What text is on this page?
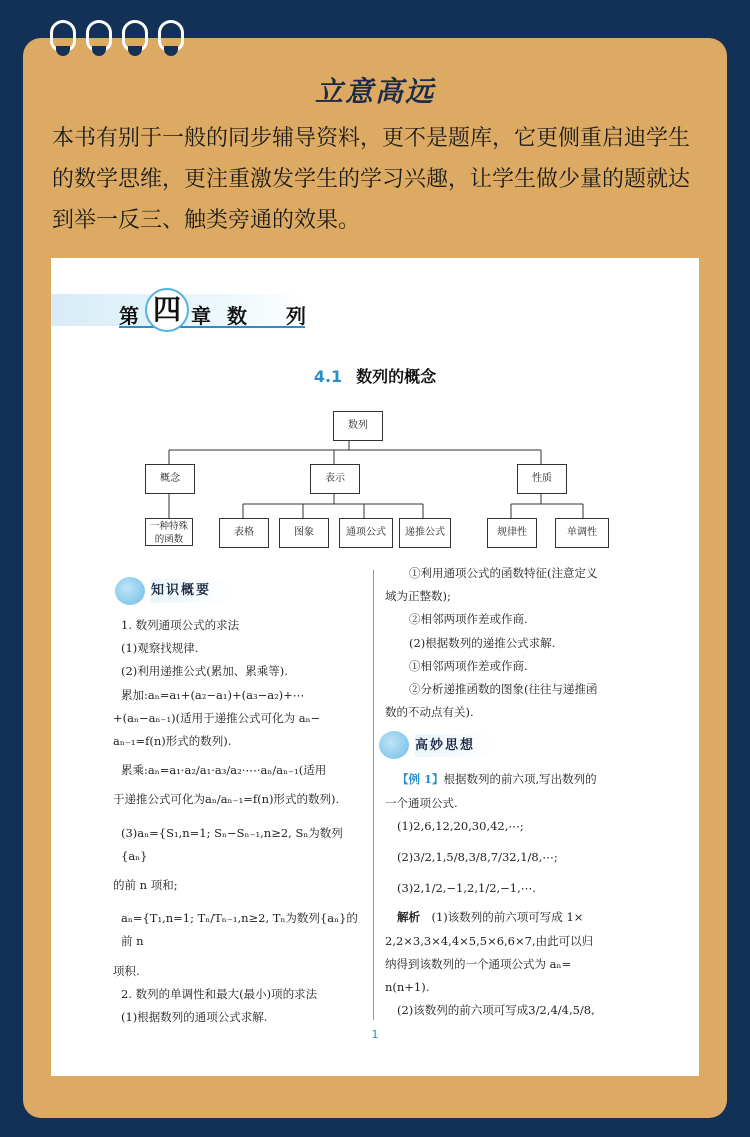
立意高远
本书有别于一般的同步辅导资料，更不是题库，它更侧重启迪学生的数学思维，更注重激发学生的学习兴趣，让学生做少量的题就达到举一反三、触类旁通的效果。
第 四 章 数 列
4.1 数列的概念
数列
概念	表示	性质
一种特殊的函数
表格	图象	通项公式	递推公式	规律性	单调性
知识概要

1. 数列通项公式的求法

(1)观察找规律.

(2)利用递推公式(累加、累乘等).

累加:aₙ=a₁+(a₂−a₁)+(a₃−a₂)+⋯

+(aₙ−aₙ₋₁)(适用于递推公式可化为 aₙ−

aₙ₋₁=f(n)形式的数列).

累乘:aₙ=a₁·a₂/a₁·a₃/a₂·⋯·aₙ/aₙ₋₁(适用

于递推公式可化为aₙ/aₙ₋₁=f(n)形式的数列).

(3)aₙ={S₁,n=1; Sₙ−Sₙ₋₁,n≥2, Sₙ为数列{aₙ}

的前 n 项和;

aₙ={T₁,n=1; Tₙ/Tₙ₋₁,n≥2, Tₙ为数列{aₙ}的前 n

项积.

2. 数列的单调性和最大(最小)项的求法

(1)根据数列的通项公式求解.

①利用通项公式的函数特征(注意定义

域为正整数);

②相邻两项作差或作商.

(2)根据数列的递推公式求解.

①相邻两项作差或作商.

②分析递推函数的图象(往往与递推函

数的不动点有关).

高妙思想

【例 1】根据数列的前六项,写出数列的

一个通项公式.

(1)2,6,12,20,30,42,⋯;

(2)3/2,1,5/8,3/8,7/32,1/8,⋯;

(3)2,1/2,−1,2,1/2,−1,⋯.

解析　 (1)该数列的前六项可写成 1×

2,2×3,3×4,4×5,5×6,6×7,由此可以归

纳得到该数列的一个通项公式为 aₙ=

n(n+1).

(2)该数列的前六项可写成3/2,4/4,5/8,

1
